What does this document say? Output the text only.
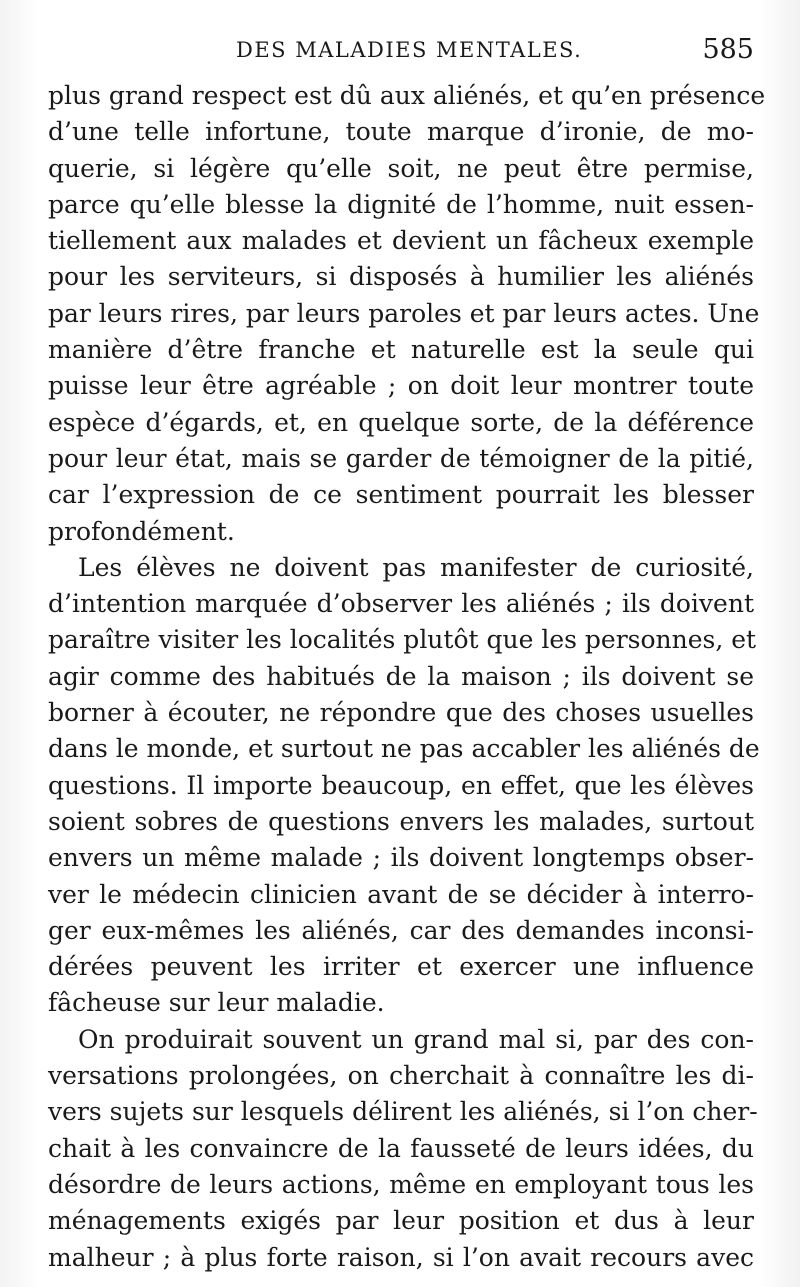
DES MALADIES MENTALES.	585
plus grand respect est dû aux aliénés, et qu’en présence
d’une telle infortune, toute marque d’ironie, de mo-
querie, si légère qu’elle soit, ne peut être permise,
parce qu’elle blesse la dignité de l’homme, nuit essen-
tiellement aux malades et devient un fâcheux exemple
pour les serviteurs, si disposés à humilier les aliénés
par leurs rires, par leurs paroles et par leurs actes. Une
manière d’être franche et naturelle est la seule qui
puisse leur être agréable ; on doit leur montrer toute
espèce d’égards, et, en quelque sorte, de la déférence
pour leur état, mais se garder de témoigner de la pitié,
car l’expression de ce sentiment pourrait les blesser
profondément.
Les élèves ne doivent pas manifester de curiosité,
d’intention marquée d’observer les aliénés ; ils doivent
paraître visiter les localités plutôt que les personnes, et
agir comme des habitués de la maison ; ils doivent se
borner à écouter, ne répondre que des choses usuelles
dans le monde, et surtout ne pas accabler les aliénés de
questions. Il importe beaucoup, en effet, que les élèves
soient sobres de questions envers les malades, surtout
envers un même malade ; ils doivent longtemps obser-
ver le médecin clinicien avant de se décider à interro-
ger eux-mêmes les aliénés, car des demandes inconsi-
dérées peuvent les irriter et exercer une influence
fâcheuse sur leur maladie.
On produirait souvent un grand mal si, par des con-
versations prolongées, on cherchait à connaître les di-
vers sujets sur lesquels délirent les aliénés, si l’on cher-
chait à les convaincre de la fausseté de leurs idées, du
désordre de leurs actions, même en employant tous les
ménagements exigés par leur position et dus à leur
malheur ; à plus forte raison, si l’on avait recours avec
